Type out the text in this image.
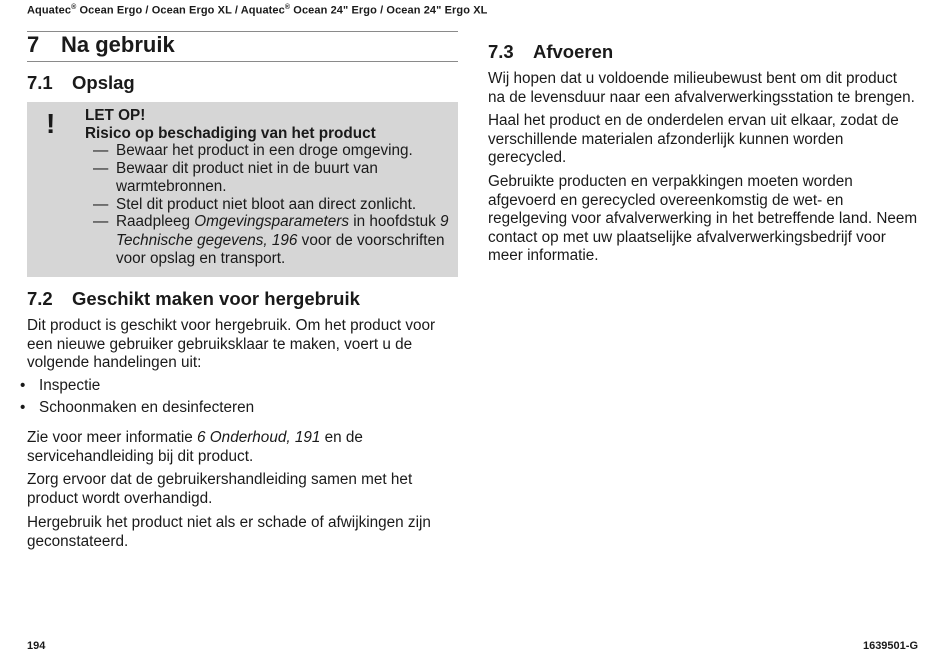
Aquatec® Ocean Ergo / Ocean Ergo XL / Aquatec® Ocean 24" Ergo / Ocean 24" Ergo XL
7 Na gebruik
7.1 Opslag
! LET OP!
Risico op beschadiging van het product
— Bewaar het product in een droge omgeving.
— Bewaar dit product niet in de buurt van
warmtebronnen.
— Stel dit product niet bloot aan direct zonlicht.
— Raadpleeg Omgevingsparameters in hoofdstuk 9
Technische gegevens, 196 voor de voorschriften
voor opslag en transport.
7.2 Geschikt maken voor hergebruik
Dit product is geschikt voor hergebruik. Om het product voor
een nieuwe gebruiker gebruiksklaar te maken, voert u de
volgende handelingen uit:
• Inspectie
• Schoonmaken en desinfecteren
Zie voor meer informatie 6 Onderhoud, 191 en de
servicehandleiding bij dit product.
Zorg ervoor dat de gebruikershandleiding samen met het
product wordt overhandigd.
Hergebruik het product niet als er schade of afwijkingen zijn
geconstateerd.
7.3 Afvoeren
Wij hopen dat u voldoende milieubewust bent om dit product
na de levensduur naar een afvalverwerkingsstation te brengen.
Haal het product en de onderdelen ervan uit elkaar, zodat de
verschillende materialen afzonderlijk kunnen worden
gerecycled.
Gebruikte producten en verpakkingen moeten worden
afgevoerd en gerecycled overeenkomstig de wet- en
regelgeving voor afvalverwerking in het betreffende land. Neem
contact op met uw plaatselijke afvalverwerkingsbedrijf voor
meer informatie.
194	1639501-G
